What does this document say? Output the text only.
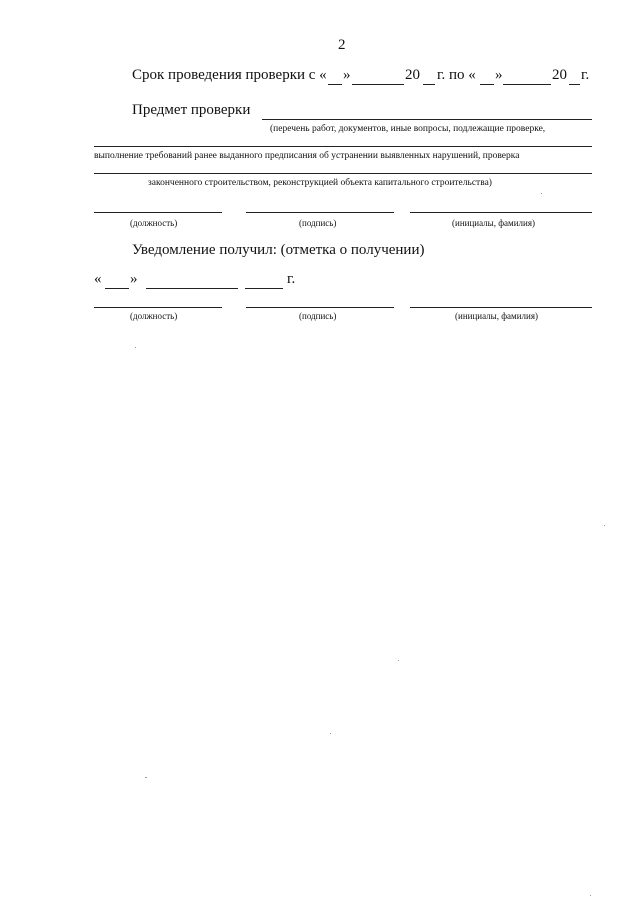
2
Срок проведения проверки с « »	20 г. по « »	20 г.
Предмет проверки
(перечень работ, документов, иные вопросы, подлежащие проверке,
выполнение требований ранее выданного предписания об устранении выявленных нарушений, проверка
законченного строительством, реконструкцией объекта капитального строительства)
(должность)	(подпись)	(инициалы, фамилия)
Уведомление получил: (отметка о получении)
« »	г.
(должность)	(подпись)	(инициалы, фамилия)
